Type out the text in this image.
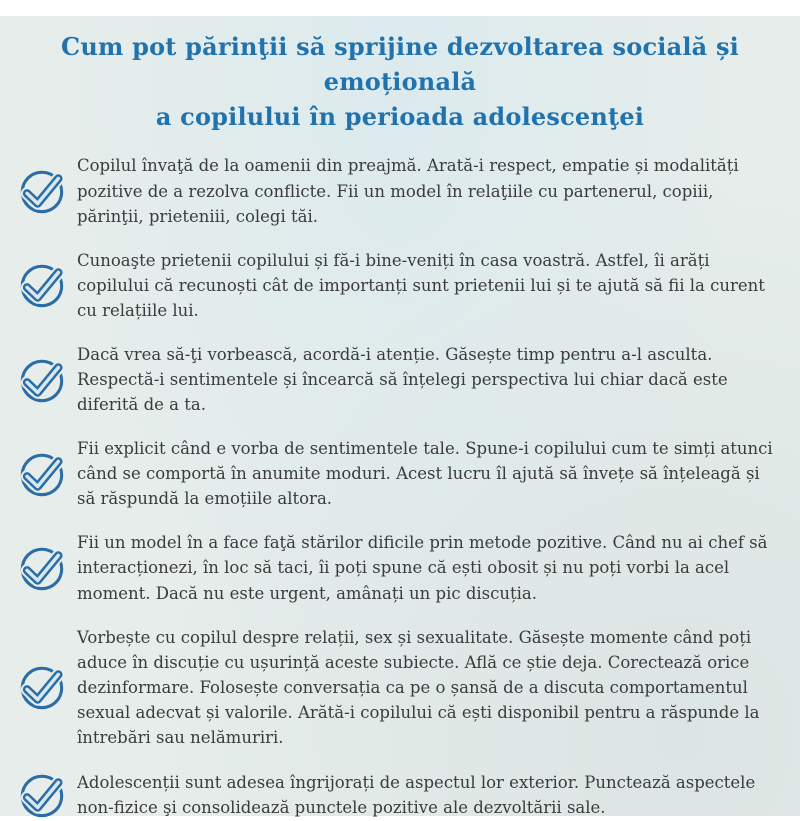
Cum pot părinţii să sprijine dezvoltarea socială și emoțională
a copilului în perioada adolescenţei

Copilul învaţă de la oamenii din preajmă. Arată-i respect, empatie și modalități pozitive de a rezolva conflicte. Fii un model în relaţiile cu partenerul, copiii, părinţii, prieteniii, colegi tăi.

Cunoaşte prietenii copilului și fă-i bine-veniți în casa voastră. Astfel, îi arăți copilului că recunoști cât de importanți sunt prietenii lui și te ajută să fii la curent cu relațiile lui.

Dacă vrea să-ţi vorbească, acordă-i atenție. Găsește timp pentru a-l asculta. Respectă-i sentimentele și încearcă să înțelegi perspectiva lui chiar dacă este diferită de a ta.

Fii explicit când e vorba de sentimentele tale. Spune-i copilului cum te simți atunci când se comportă în anumite moduri. Acest lucru îl ajută să învețe să înțeleagă și să răspundă la emoțiile altora.

Fii un model în a face faţă stărilor dificile prin metode pozitive. Când nu ai chef să interacționezi, în loc să taci, îi poți spune că ești obosit și nu poți vorbi la acel moment. Dacă nu este urgent, amânați un pic discuția.

Vorbește cu copilul despre relații, sex și sexualitate. Găsește momente când poți aduce în discuție cu ușurință aceste subiecte. Află ce știe deja. Corectează orice dezinformare. Folosește conversația ca pe o șansă de a discuta comportamentul sexual adecvat și valorile. Arătă-i copilului că ești disponibil pentru a răspunde la întrebări sau nelămuriri.

Adolescenții sunt adesea îngrijorați de aspectul lor exterior. Punctează aspectele non-fizice şi consolidează punctele pozitive ale dezvoltării sale.
